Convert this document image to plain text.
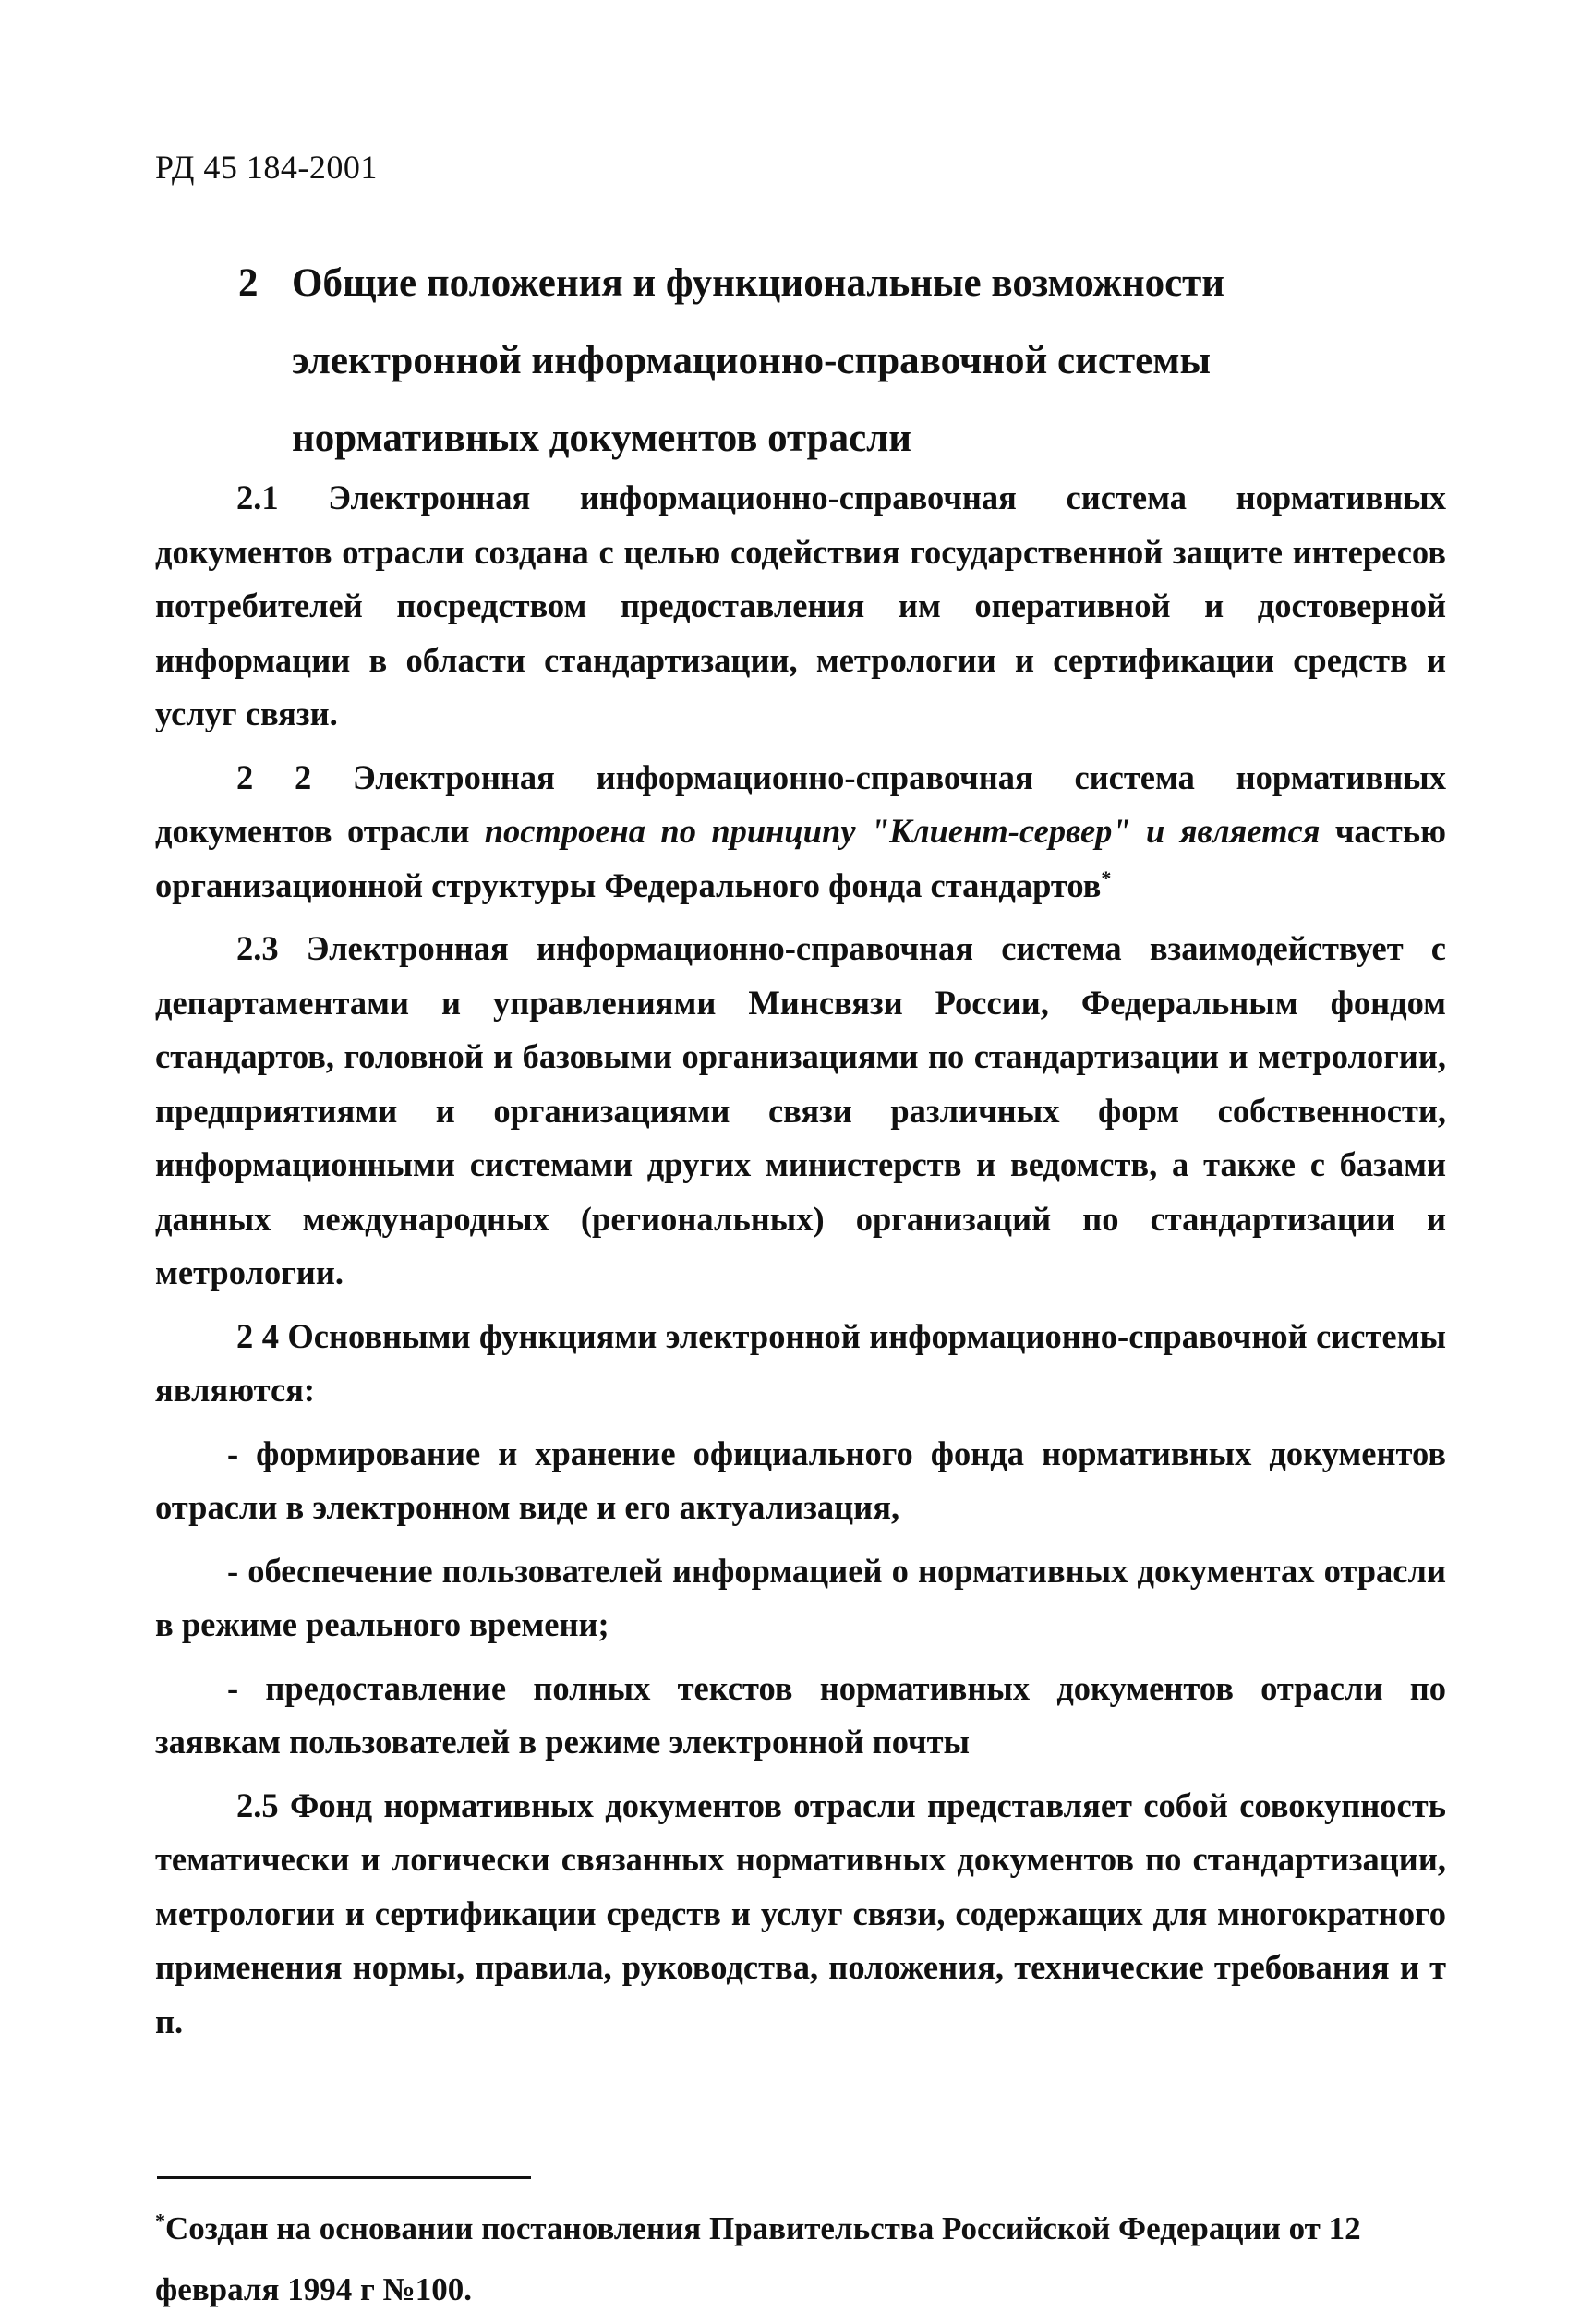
РД 45 184-2001
2 Общие положения и функциональные возможности электронной информационно-справочной системы нормативных документов отрасли

2.1 Электронная информационно-справочная система нормативных документов отрасли создана с целью содействия государственной защите интересов потребителей посредством предоставления им оперативной и достоверной информации в области стандартизации, метрологии и сертификации средств и услуг связи.

2 2 Электронная информационно-справочная система нормативных документов отрасли построена по принципу "Клиент-сервер" и является частью организационной структуры Федерального фонда стандартов*

2.3 Электронная информационно-справочная система взаимодействует с департаментами и управлениями Минсвязи России, Федеральным фондом стандартов, головной и базовыми организациями по стандартизации и метрологии, предприятиями и организациями связи различных форм собственности, информационными системами других министерств и ведомств, а также с базами данных международных (региональных) организаций по стандартизации и метрологии.

2 4 Основными функциями электронной информационно-справочной системы являются:

- формирование и хранение официального фонда нормативных документов отрасли в электронном виде и его актуализация,

- обеспечение пользователей информацией о нормативных документах отрасли в режиме реального времени;

- предоставление полных текстов нормативных документов отрасли по заявкам пользователей в режиме электронной почты

2.5 Фонд нормативных документов отрасли представляет собой совокупность тематически и логически связанных нормативных документов по стандартизации, метрологии и сертификации средств и услуг связи, содержащих для многократного применения нормы, правила, руководства, положения, технические требования и т п.

*Создан на основании постановления Правительства Российской Федерации от 12 февраля 1994 г №100.
